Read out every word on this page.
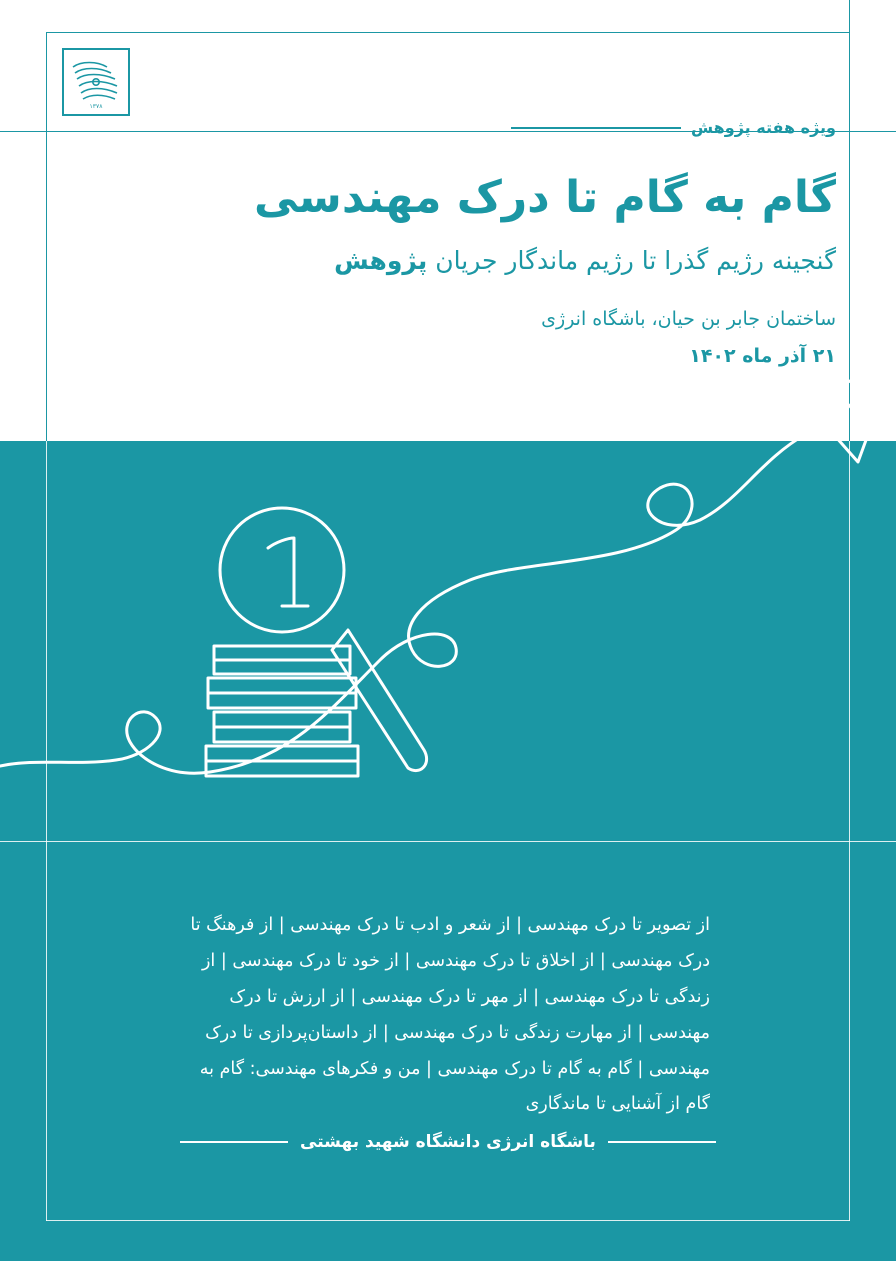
۱۳۷۸
ویژه هفته پژوهش
گام به گام تا درک مهندسی
گنجینه رژیم گذرا تا رژیم ماندگار جریان پژوهش
ساختمان جابر بن حیان، باشگاه انرژی
۲۱ آذر ماه ۱۴۰۲
از تصویر تا درک مهندسی | از شعر و ادب تا درک مهندسی | از فرهنگ تا درک مهندسی | از اخلاق تا درک مهندسی | از خود تا درک مهندسی | از زندگی تا درک مهندسی | از مهر تا درک مهندسی | از ارزش تا درک مهندسی | از مهارت زندگی تا درک مهندسی | از داستان‌پردازی تا درک مهندسی | گام به گام تا درک مهندسی | من و فکرهای مهندسی: گام به گام از آشنایی تا ماندگاری
باشگاه انرژی دانشگاه شهید بهشتی
